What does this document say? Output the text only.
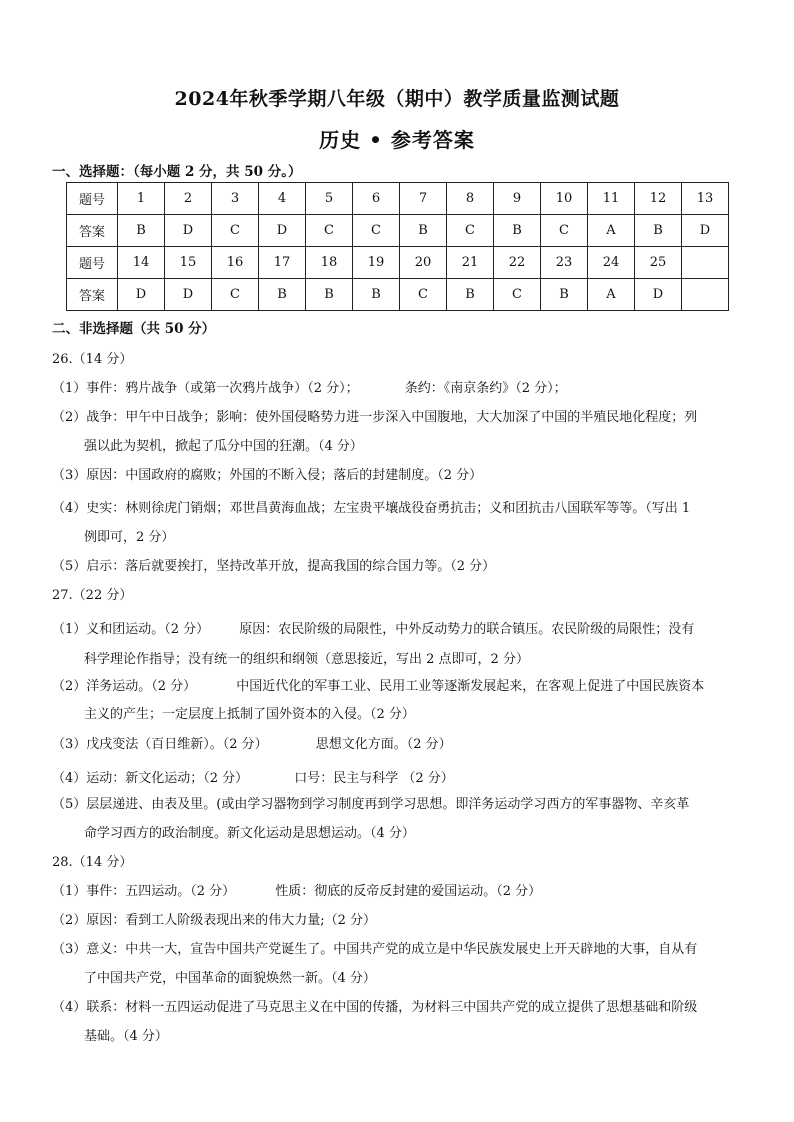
2024年秋季学期八年级（期中）教学质量监测试题
历史 • 参考答案
一、选择题：（每小题 2 分，共 50 分。）
题号	1	2	3	4	5	6	7	8	9	10	11	12	13
答案	B	D	C	D	C	C	B	C	B	C	A	B	D
题号	14	15	16	17	18	19	20	21	22	23	24	25	
答案	D	D	C	B	B	B	C	B	C	B	A	D	
二、非选择题（共 50 分）
26.（14 分）
（1）事件：鸦片战争（或第一次鸦片战争）（2 分）；	条约：《南京条约》（2 分）；
（2）战争：甲午中日战争；影响：使外国侵略势力进一步深入中国腹地，大大加深了中国的半殖民地化程度；列
强以此为契机，掀起了瓜分中国的狂潮。（4 分）
（3）原因：中国政府的腐败；外国的不断入侵；落后的封建制度。（2 分）
（4）史实：林则徐虎门销烟；邓世昌黄海血战；左宝贵平壤战役奋勇抗击；义和团抗击八国联军等等。（写出 1
例即可，2 分）
（5）启示：落后就要挨打，坚持改革开放，提高我国的综合国力等。（2 分）
27.（22 分）
（1）义和团运动。（2 分） 原因：农民阶级的局限性，中外反动势力的联合镇压。农民阶级的局限性；没有
科学理论作指导；没有统一的组织和纲领（意思接近，写出 2 点即可，2 分）
（2）洋务运动。（2 分）	中国近代化的军事工业、民用工业等逐渐发展起来，在客观上促进了中国民族资本
主义的产生；一定层度上抵制了国外资本的入侵。（2 分）
（3）戊戌变法（百日维新）。（2 分）	思想文化方面。（2 分）
（4）运动：新文化运动；（2 分）	口号：民主与科学 （2 分）
（5）层层递进、由表及里。(或由学习器物到学习制度再到学习思想。即洋务运动学习西方的军事器物、辛亥革
命学习西方的政治制度。新文化运动是思想运动。（4 分）
28.（14 分）
（1）事件：五四运动。（2 分）	性质：彻底的反帝反封建的爱国运动。（2 分）
（2）原因：看到工人阶级表现出来的伟大力量;（2 分）
（3）意义：中共一大，宣告中国共产党诞生了。中国共产党的成立是中华民族发展史上开天辟地的大事，自从有
了中国共产党，中国革命的面貌焕然一新。（4 分）
（4）联系：材料一五四运动促进了马克思主义在中国的传播，为材料三中国共产党的成立提供了思想基础和阶级
基础。（4 分）
